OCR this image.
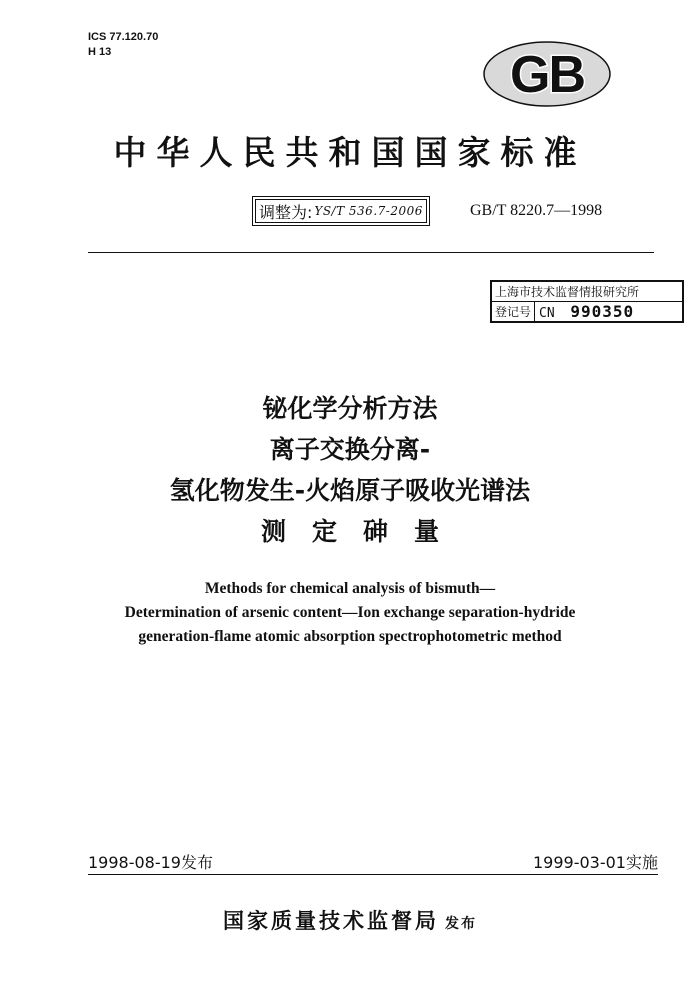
ICS 77.120.70
H 13	GB
中华人民共和国国家标准
调整为: YS/T 536.7-2006	GB/T 8220.7—1998
上海市技术监督情报研究所
登记号 CN 990350
铋化学分析方法
离子交换分离-
氢化物发生-火焰原子吸收光谱法
测定砷量
Methods for chemical analysis of bismuth—
Determination of arsenic content—Ion exchange separation-hydride
generation-flame atomic absorption spectrophotometric method
1998-08-19发布	1999-03-01实施
国家质量技术监督局 发布
